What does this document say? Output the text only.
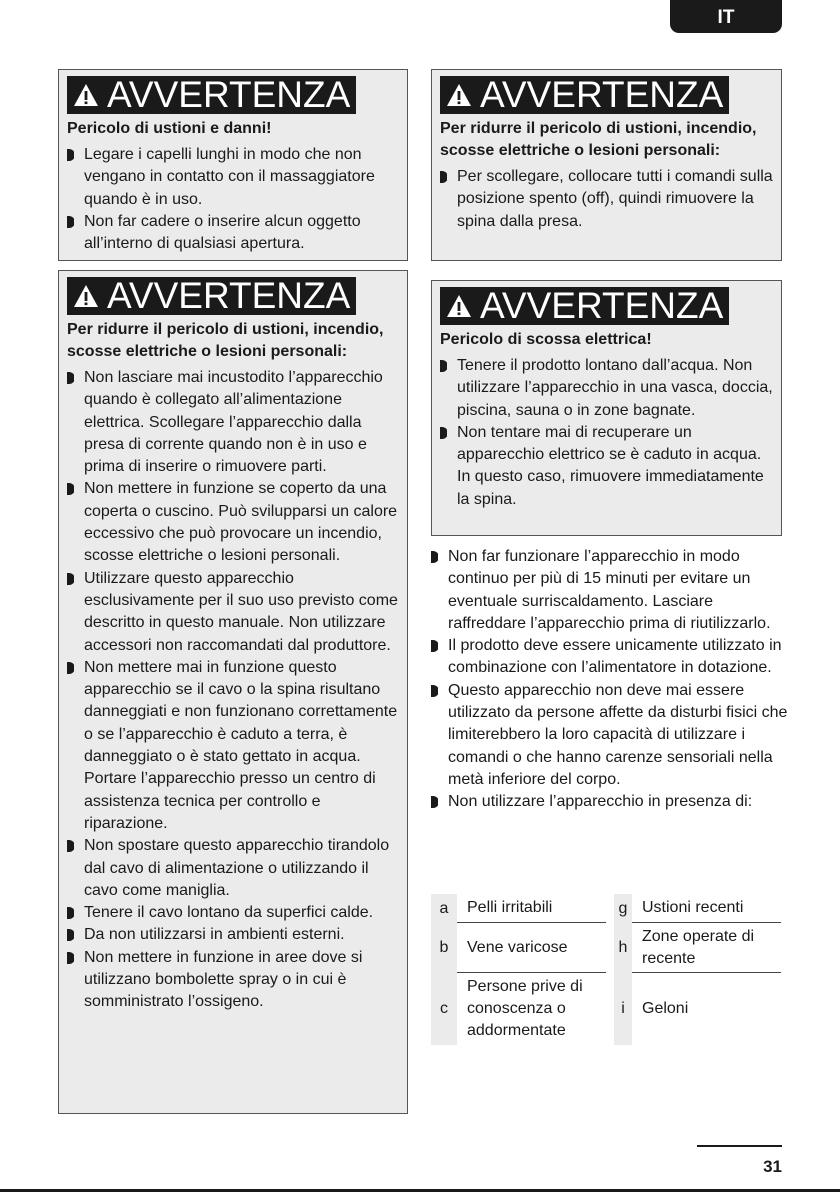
IT
AVVERTENZA
Pericolo di ustioni e danni!
Legare i capelli lunghi in modo che non vengano in contatto con il massaggiatore quando è in uso.
Non far cadere o inserire alcun oggetto all’interno di qualsiasi apertura.
AVVERTENZA
Per ridurre il pericolo di ustioni, incendio, scosse elettriche o lesioni personali:
Per scollegare, collocare tutti i comandi sulla posizione spento (off), quindi rimuovere la spina dalla presa.
AVVERTENZA
Per ridurre il pericolo di ustioni, incendio, scosse elettriche o lesioni personali:
Non lasciare mai incustodito l’apparecchio quando è collegato all’alimentazione elettrica. Scollegare l’apparecchio dalla presa di corrente quando non è in uso e prima di inserire o rimuovere parti.
Non mettere in funzione se coperto da una coperta o cuscino. Può svilupparsi un calore eccessivo che può provocare un incendio, scosse elettriche o lesioni personali.
Utilizzare questo apparecchio esclusivamente per il suo uso previsto come descritto in questo manuale. Non utilizzare accessori non raccomandati dal produttore.
Non mettere mai in funzione questo apparecchio se il cavo o la spina risultano danneggiati e non funzionano correttamente o se l’apparecchio è caduto a terra, è danneggiato o è stato gettato in acqua. Portare l’apparecchio presso un centro di assistenza tecnica per controllo e riparazione.
Non spostare questo apparecchio tirandolo dal cavo di alimentazione o utilizzando il cavo come maniglia.
Tenere il cavo lontano da superfici calde.
Da non utilizzarsi in ambienti esterni.
Non mettere in funzione in aree dove si utilizzano bombolette spray o in cui è somministrato l’ossigeno.
AVVERTENZA
Pericolo di scossa elettrica!
Tenere il prodotto lontano dall’acqua. Non utilizzare l’apparecchio in una vasca, doccia, piscina, sauna o in zone bagnate.
Non tentare mai di recuperare un apparecchio elettrico se è caduto in acqua. In questo caso, rimuovere immediatamente la spina.
Non far funzionare l’apparecchio in modo continuo per più di 15 minuti per evitare un eventuale surriscaldamento. Lasciare raffreddare l’apparecchio prima di riutilizzarlo.
Il prodotto deve essere unicamente utilizzato in combinazione con l’alimentatore in dotazione.
Questo apparecchio non deve mai essere utilizzato da persone affette da disturbi fisici che limiterebbero la loro capacità di utilizzare i comandi o che hanno carenze sensoriali nella metà inferiore del corpo.
Non utilizzare l’apparecchio in presenza di:
a	Pelli irritabili	g	Ustioni recenti
b	Vene varicose	h	Zone operate di recente
c	Persone prive di conoscenza o addormentate	i	Geloni
31
